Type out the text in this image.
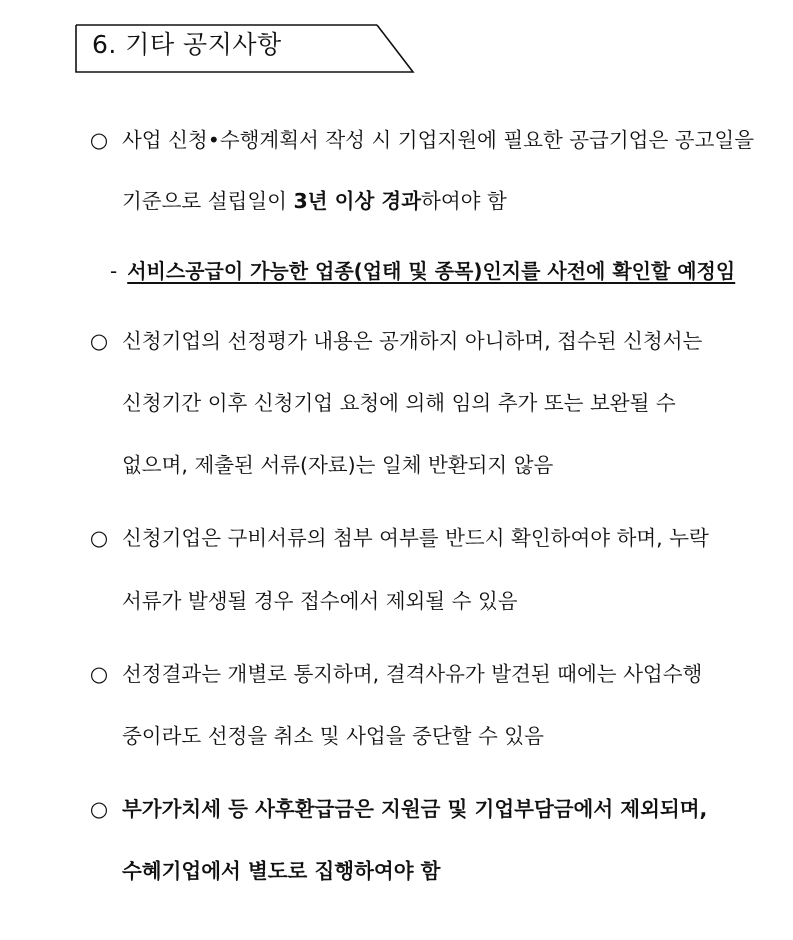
6. 기타 공지사항
○ 사업 신청•수행계획서 작성 시 기업지원에 필요한 공급기업은 공고일을
기준으로 설립일이 3년 이상 경과하여야 함
- 서비스공급이 가능한 업종(업태 및 종목)인지를 사전에 확인할 예정임
○ 신청기업의 선정평가 내용은 공개하지 아니하며, 접수된 신청서는
신청기간 이후 신청기업 요청에 의해 임의 추가 또는 보완될 수
없으며, 제출된 서류(자료)는 일체 반환되지 않음
○ 신청기업은 구비서류의 첨부 여부를 반드시 확인하여야 하며, 누락
서류가 발생될 경우 접수에서 제외될 수 있음
○ 선정결과는 개별로 통지하며, 결격사유가 발견된 때에는 사업수행
중이라도 선정을 취소 및 사업을 중단할 수 있음
○ 부가가치세 등 사후환급금은 지원금 및 기업부담금에서 제외되며,
수혜기업에서 별도로 집행하여야 함
